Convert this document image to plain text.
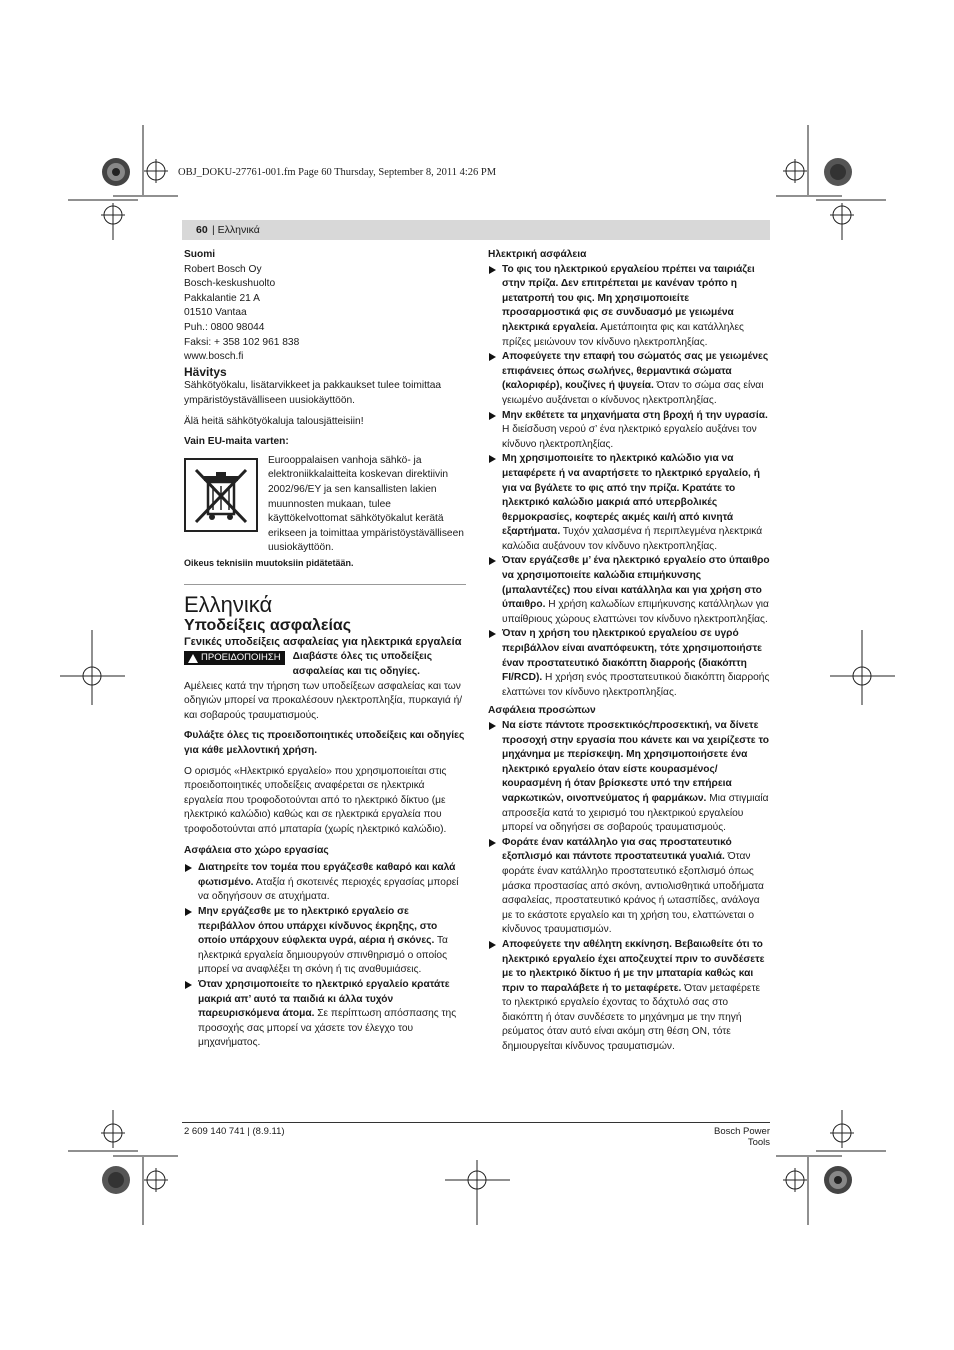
OBJ_DOKU-27761-001.fm Page 60 Thursday, September 8, 2011 4:26 PM
60 | Ελληνικά

Suomi

Robert Bosch Oy

Bosch-keskushuolto

Pakkalantie 21 A

01510 Vantaa

Puh.: 0800 98044

Faksi: + 358 102 961 838

www.bosch.fi

Hävitys

Sähkötyökalu, lisätarvikkeet ja pakkaukset tulee toimittaa ympäristöystävälliseen uusiokäyttöön.

Älä heitä sähkötyökaluja talousjätteisiin!

Vain EU-maita varten:

Eurooppalaisen vanhoja sähkö- ja elektroniikkalaitteita koskevan direktiivin 2002/96/EY ja sen kansallisten lakien muunnosten mukaan, tulee käyttökelvottomat sähkötyökalut kerätä erikseen ja toimittaa ympäristöystävälliseen uusiokäyttöön.

Oikeus teknisiin muutoksiin pidätetään.

Ελληνικά

Υποδείξεις ασφαλείας

Γενικές υποδείξεις ασφαλείας για ηλεκτρικά εργαλεία

ΠΡΟΕΙΔΟΠΟΙΗΣΗ Διαβάστε όλες τις υποδείξεις ασφαλείας και τις οδηγίες.

Αμέλειες κατά την τήρηση των υποδείξεων ασφαλείας και των οδηγιών μπορεί να προκαλέσουν ηλεκτροπληξία, πυρκαγιά ή/και σοβαρούς τραυματισμούς.

Φυλάξτε όλες τις προειδοποιητικές υποδείξεις και οδηγίες για κάθε μελλοντική χρήση.

Ο ορισμός «Ηλεκτρικό εργαλείο» που χρησιμοποιείται στις προειδοποιητικές υποδείξεις αναφέρεται σε ηλεκτρικά εργαλεία που τροφοδοτούνται από το ηλεκτρικό δίκτυο (με ηλεκτρικό καλώδιο) καθώς και σε ηλεκτρικά εργαλεία που τροφοδοτούνται από μπαταρία (χωρίς ηλεκτρικό καλώδιο).

Ασφάλεια στο χώρο εργασίας

Διατηρείτε τον τομέα που εργάζεσθε καθαρό και καλά φωτισμένο. Αταξία ή σκοτεινές περιοχές εργασίας μπορεί να οδηγήσουν σε ατυχήματα.

Μην εργάζεσθε με το ηλεκτρικό εργαλείο σε περιβάλλον όπου υπάρχει κίνδυνος έκρηξης, στο οποίο υπάρχουν εύφλεκτα υγρά, αέρια ή σκόνες. Τα ηλεκτρικά εργαλεία δημιουργούν σπινθηρισμό ο οποίος μπορεί να αναφλέξει τη σκόνη ή τις αναθυμιάσεις.

Όταν χρησιμοποιείτε το ηλεκτρικό εργαλείο κρατάτε μακριά απ’ αυτό τα παιδιά κι άλλα τυχόν παρευρισκόμενα άτομα. Σε περίπτωση απόσπασης της προσοχής σας μπορεί να χάσετε τον έλεγχο του μηχανήματος.

Ηλεκτρική ασφάλεια

Το φις του ηλεκτρικού εργαλείου πρέπει να ταιριάζει στην πρίζα. Δεν επιτρέπεται με κανέναν τρόπο η μετατροπή του φις. Μη χρησιμοποιείτε προσαρμοστικά φις σε συνδυασμό με γειωμένα ηλεκτρικά εργαλεία. Αμετάποιητα φις και κατάλληλες πρίζες μειώνουν τον κίνδυνο ηλεκτροπληξίας.

Αποφεύγετε την επαφή του σώματός σας με γειωμένες επιφάνειες όπως σωλήνες, θερμαντικά σώματα (καλοριφέρ), κουζίνες ή ψυγεία. Όταν το σώμα σας είναι γειωμένο αυξάνεται ο κίνδυνος ηλεκτροπληξίας.

Μην εκθέτετε τα μηχανήματα στη βροχή ή την υγρασία. Η διείσδυση νερού σ’ ένα ηλεκτρικό εργαλείο αυξάνει τον κίνδυνο ηλεκτροπληξίας.

Μη χρησιμοποιείτε το ηλεκτρικό καλώδιο για να μεταφέρετε ή να αναρτήσετε το ηλεκτρικό εργαλείο, ή για να βγάλετε το φις από την πρίζα. Κρατάτε το ηλεκτρικό καλώδιο μακριά από υπερβολικές θερμοκρασίες, κοφτερές ακμές και/ή από κινητά εξαρτήματα. Τυχόν χαλασμένα ή περιπλεγμένα ηλεκτρικά καλώδια αυξάνουν τον κίνδυνο ηλεκτροπληξίας.

Όταν εργάζεσθε μ’ ένα ηλεκτρικό εργαλείο στο ύπαιθρο να χρησιμοποιείτε καλώδια επιμήκυνσης (μπαλαντέζες) που είναι κατάλληλα και για χρήση στο ύπαιθρο. Η χρήση καλωδίων επιμήκυνσης κατάλληλων για υπαίθριους χώρους ελαττώνει τον κίνδυνο ηλεκτροπληξίας.

Όταν η χρήση του ηλεκτρικού εργαλείου σε υγρό περιβάλλον είναι αναπόφευκτη, τότε χρησιμοποιήστε έναν προστατευτικό διακόπτη διαρροής (διακόπτη FI/RCD). Η χρήση ενός προστατευτικού διακόπτη διαρροής ελαττώνει τον κίνδυνο ηλεκτροπληξίας.

Ασφάλεια προσώπων

Να είστε πάντοτε προσεκτικός/προσεκτική, να δίνετε προσοχή στην εργασία που κάνετε και να χειρίζεστε το μηχάνημα με περίσκεψη. Μη χρησιμοποιήσετε ένα ηλεκτρικό εργαλείο όταν είστε κουρασμένος/κουρασμένη ή όταν βρίσκεστε υπό την επήρεια ναρκωτικών, οινοπνεύματος ή φαρμάκων. Μια στιγμιαία απροσεξία κατά το χειρισμό του ηλεκτρικού εργαλείου μπορεί να οδηγήσει σε σοβαρούς τραυματισμούς.

Φοράτε έναν κατάλληλο για σας προστατευτικό εξοπλισμό και πάντοτε προστατευτικά γυαλιά. Όταν φοράτε έναν κατάλληλο προστατευτικό εξοπλισμό όπως μάσκα προστασίας από σκόνη, αντιολισθητικά υποδήματα ασφαλείας, προστατευτικό κράνος ή ωτασπίδες, ανάλογα με το εκάστοτε εργαλείο και τη χρήση του, ελαττώνεται ο κίνδυνος τραυματισμών.

Αποφεύγετε την αθέλητη εκκίνηση. Βεβαιωθείτε ότι το ηλεκτρικό εργαλείο έχει αποζευχτεί πριν το συνδέσετε με το ηλεκτρικό δίκτυο ή με την μπαταρία καθώς και πριν το παραλάβετε ή το μεταφέρετε. Όταν μεταφέρετε το ηλεκτρικό εργαλείο έχοντας το δάχτυλό σας στο διακόπτη ή όταν συνδέσετε το μηχάνημα με την πηγή ρεύματος όταν αυτό είναι ακόμη στη θέση ON, τότε δημιουργείται κίνδυνος τραυματισμών.

2 609 140 741 | (8.9.11)	Bosch Power Tools
